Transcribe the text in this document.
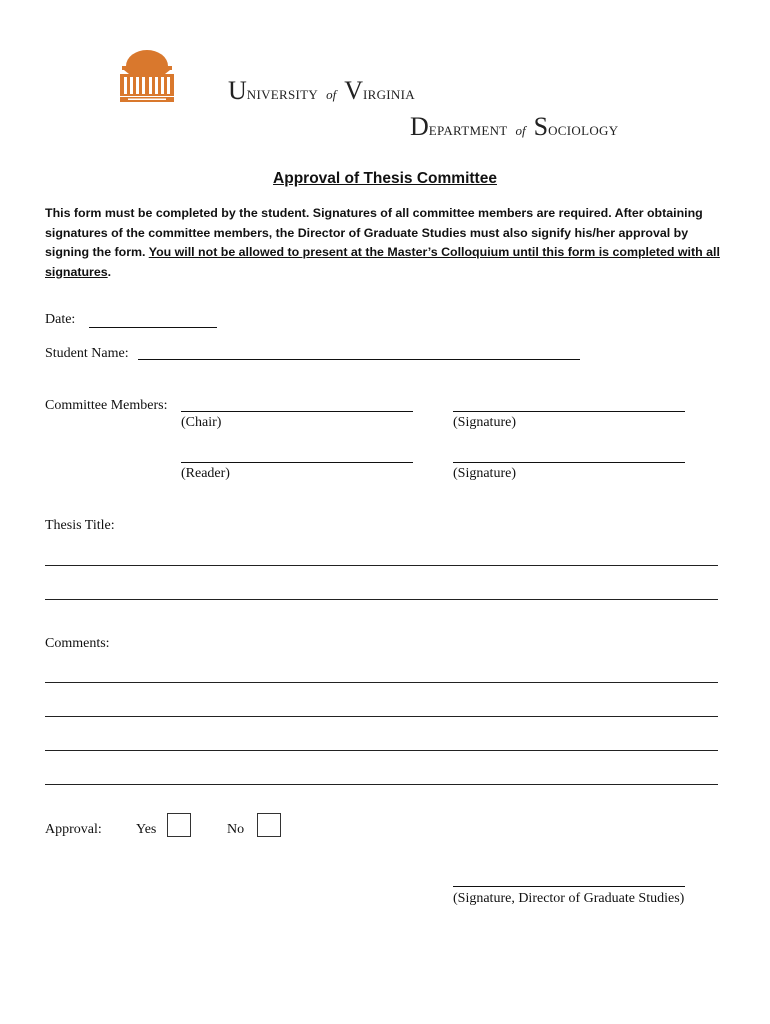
UNIVERSITY of VIRGINIA
DEPARTMENT of SOCIOLOGY
Approval of Thesis Committee
This form must be completed by the student. Signatures of all committee members are required. After obtaining signatures of the committee members, the Director of Graduate Studies must also signify his/her approval by signing the form. You will not be allowed to present at the Master’s Colloquium until this form is completed with all signatures.
Date:
Student Name:
Committee Members:
(Chair)	(Signature)
(Reader)	(Signature)
Thesis Title:
Comments:
Approval: Yes	No
(Signature, Director of Graduate Studies)
